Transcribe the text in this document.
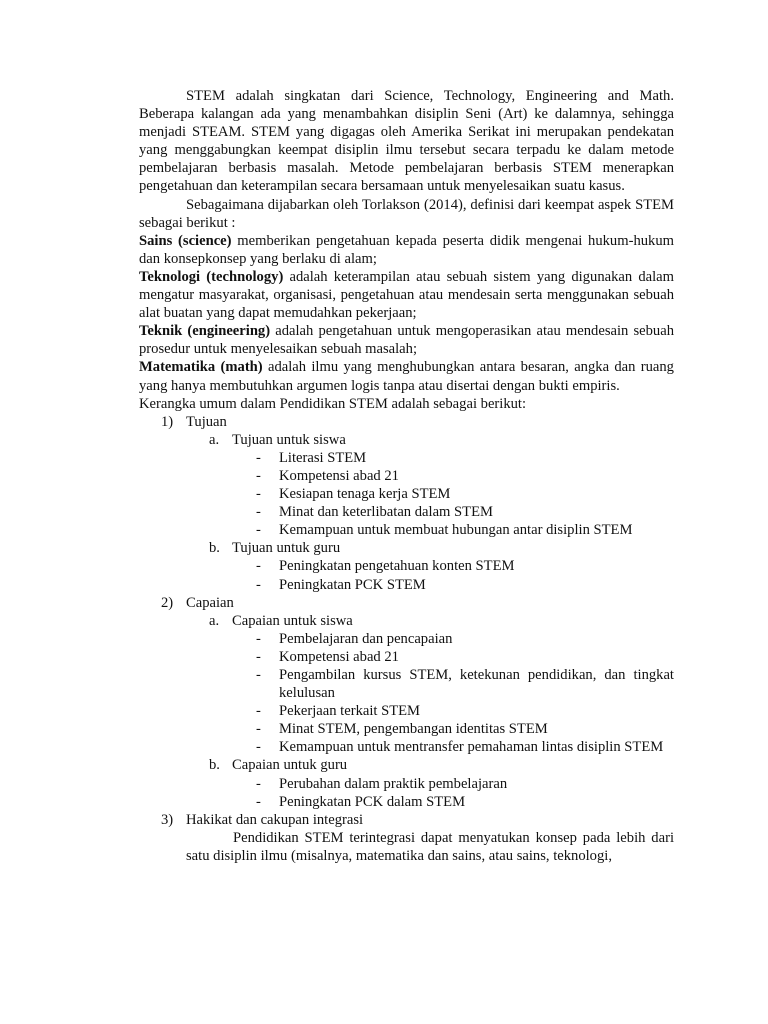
STEM adalah singkatan dari Science, Technology, Engineering and Math. Beberapa kalangan ada yang menambahkan disiplin Seni (Art) ke dalamnya, sehingga menjadi STEAM. STEM yang digagas oleh Amerika Serikat ini merupakan pendekatan yang menggabungkan keempat disiplin ilmu tersebut secara terpadu ke dalam metode pembelajaran berbasis masalah. Metode pembelajaran berbasis STEM menerapkan pengetahuan dan keterampilan secara bersamaan untuk menyelesaikan suatu kasus.

Sebagaimana dijabarkan oleh Torlakson (2014), definisi dari keempat aspek STEM sebagai berikut :

Sains (science) memberikan pengetahuan kepada peserta didik mengenai hukum-hukum dan konsepkonsep yang berlaku di alam;

Teknologi (technology) adalah keterampilan atau sebuah sistem yang digunakan dalam mengatur masyarakat, organisasi, pengetahuan atau mendesain serta menggunakan sebuah alat buatan yang dapat memudahkan pekerjaan;

Teknik (engineering) adalah pengetahuan untuk mengoperasikan atau mendesain sebuah prosedur untuk menyelesaikan sebuah masalah;

Matematika (math) adalah ilmu yang menghubungkan antara besaran, angka dan ruang yang hanya membutuhkan argumen logis tanpa atau disertai dengan bukti empiris.

Kerangka umum dalam Pendidikan STEM adalah sebagai berikut:

1) Tujuan
a. Tujuan untuk siswa
- Literasi STEM
- Kompetensi abad 21
- Kesiapan tenaga kerja STEM
- Minat dan keterlibatan dalam STEM
- Kemampuan untuk membuat hubungan antar disiplin STEM
b. Tujuan untuk guru
- Peningkatan pengetahuan konten STEM
- Peningkatan PCK STEM
2) Capaian
a. Capaian untuk siswa
- Pembelajaran dan pencapaian
- Kompetensi abad 21
- Pengambilan kursus STEM, ketekunan pendidikan, dan tingkat kelulusan
- Pekerjaan terkait STEM
- Minat STEM, pengembangan identitas STEM
- Kemampuan untuk mentransfer pemahaman lintas disiplin STEM
b. Capaian untuk guru
- Perubahan dalam praktik pembelajaran
- Peningkatan PCK dalam STEM
3) Hakikat dan cakupan integrasi

Pendidikan STEM terintegrasi dapat menyatukan konsep pada lebih dari satu disiplin ilmu (misalnya, matematika dan sains, atau sains, teknologi,
